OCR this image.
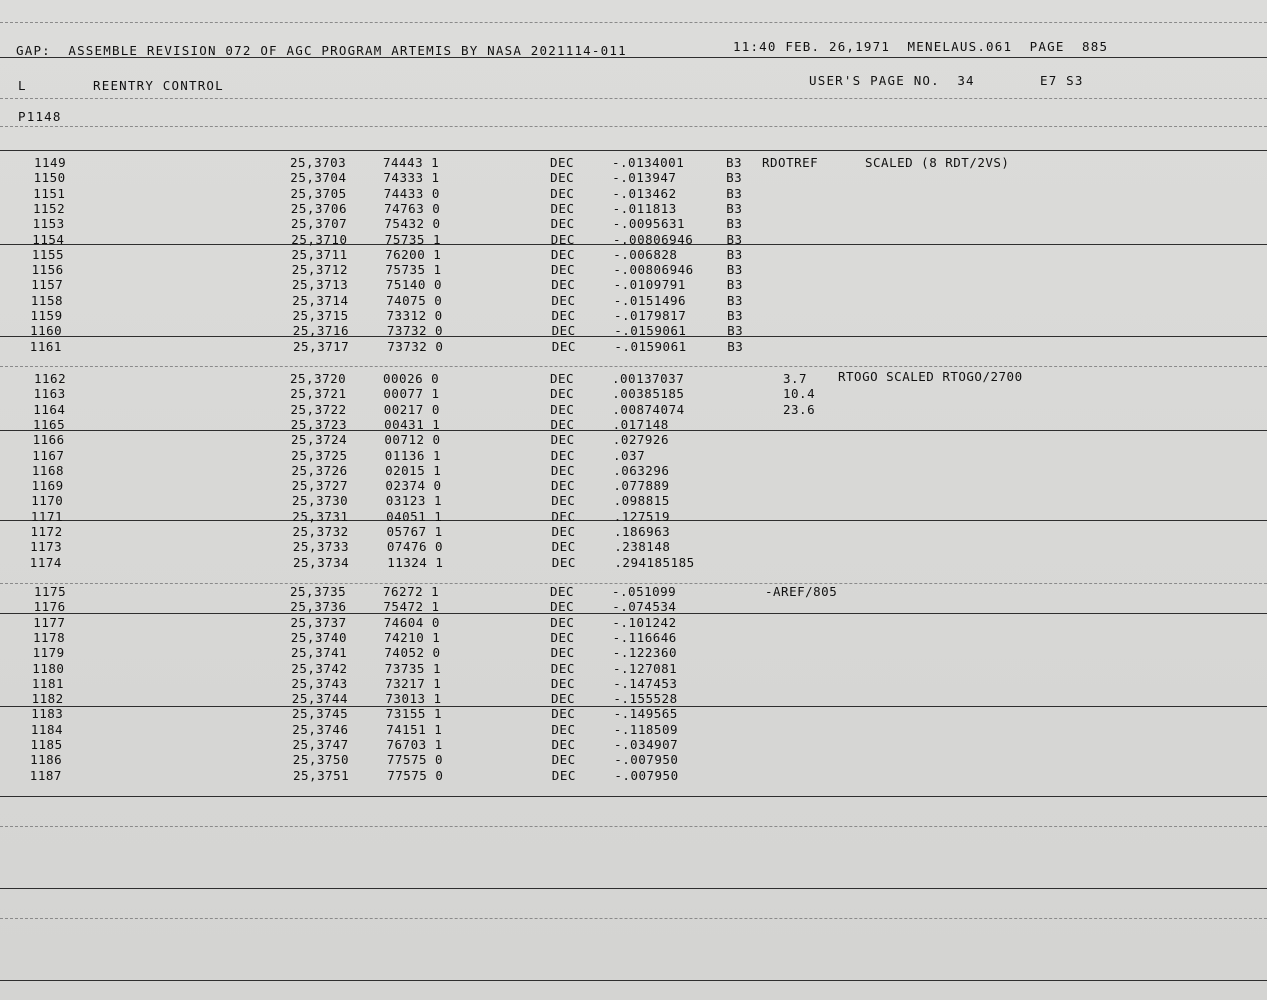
GAP:  ASSEMBLE REVISION 072 OF AGC PROGRAM ARTEMIS BY NASA 2021114-011	11:40 FEB. 26,1971  MENELAUS.061  PAGE  885
L	REENTRY CONTROL	USER'S PAGE NO.  34	E7 S3
P1148
1149	25,3703	74443 1	DEC	-.0134001	B3 RDOTREF	SCALED (8 RDT/2VS)
1150	25,3704	74333 1	DEC	-.013947	B3
1151	25,3705	74433 0	DEC	-.013462	B3
1152	25,3706	74763 0	DEC	-.011813	B3
1153	25,3707	75432 0	DEC	-.0095631	B3
1154	25,3710	75735 1	DEC	-.00806946	B3
1155	25,3711	76200 1	DEC	-.006828	B3
1156	25,3712	75735 1	DEC	-.00806946	B3
1157	25,3713	75140 0	DEC	-.0109791	B3
1158	25,3714	74075 0	DEC	-.0151496	B3
1159	25,3715	73312 0	DEC	-.0179817	B3
1160	25,3716	73732 0	DEC	-.0159061	B3
1161	25,3717	73732 0	DEC	-.0159061	B3
1162	25,3720	00026 0	DEC	.00137037	3.7 RTOGO SCALED RTOGO/2700
1163	25,3721	00077 1	DEC	.00385185	10.4
1164	25,3722	00217 0	DEC	.00874074	23.6
1165	25,3723	00431 1	DEC	.017148
1166	25,3724	00712 0	DEC	.027926
1167	25,3725	01136 1	DEC	.037
1168	25,3726	02015 1	DEC	.063296
1169	25,3727	02374 0	DEC	.077889
1170	25,3730	03123 1	DEC	.098815
1171	25,3731	04051 1	DEC	.127519
1172	25,3732	05767 1	DEC	.186963
1173	25,3733	07476 0	DEC	.238148
1174	25,3734	11324 1	DEC	.294185185
1175	25,3735	76272 1	DEC	-.051099	-AREF/805
1176	25,3736	75472 1	DEC	-.074534
1177	25,3737	74604 0	DEC	-.101242
1178	25,3740	74210 1	DEC	-.116646
1179	25,3741	74052 0	DEC	-.122360
1180	25,3742	73735 1	DEC	-.127081
1181	25,3743	73217 1	DEC	-.147453
1182	25,3744	73013 1	DEC	-.155528
1183	25,3745	73155 1	DEC	-.149565
1184	25,3746	74151 1	DEC	-.118509
1185	25,3747	76703 1	DEC	-.034907
1186	25,3750	77575 0	DEC	-.007950
1187	25,3751	77575 0	DEC	-.007950
